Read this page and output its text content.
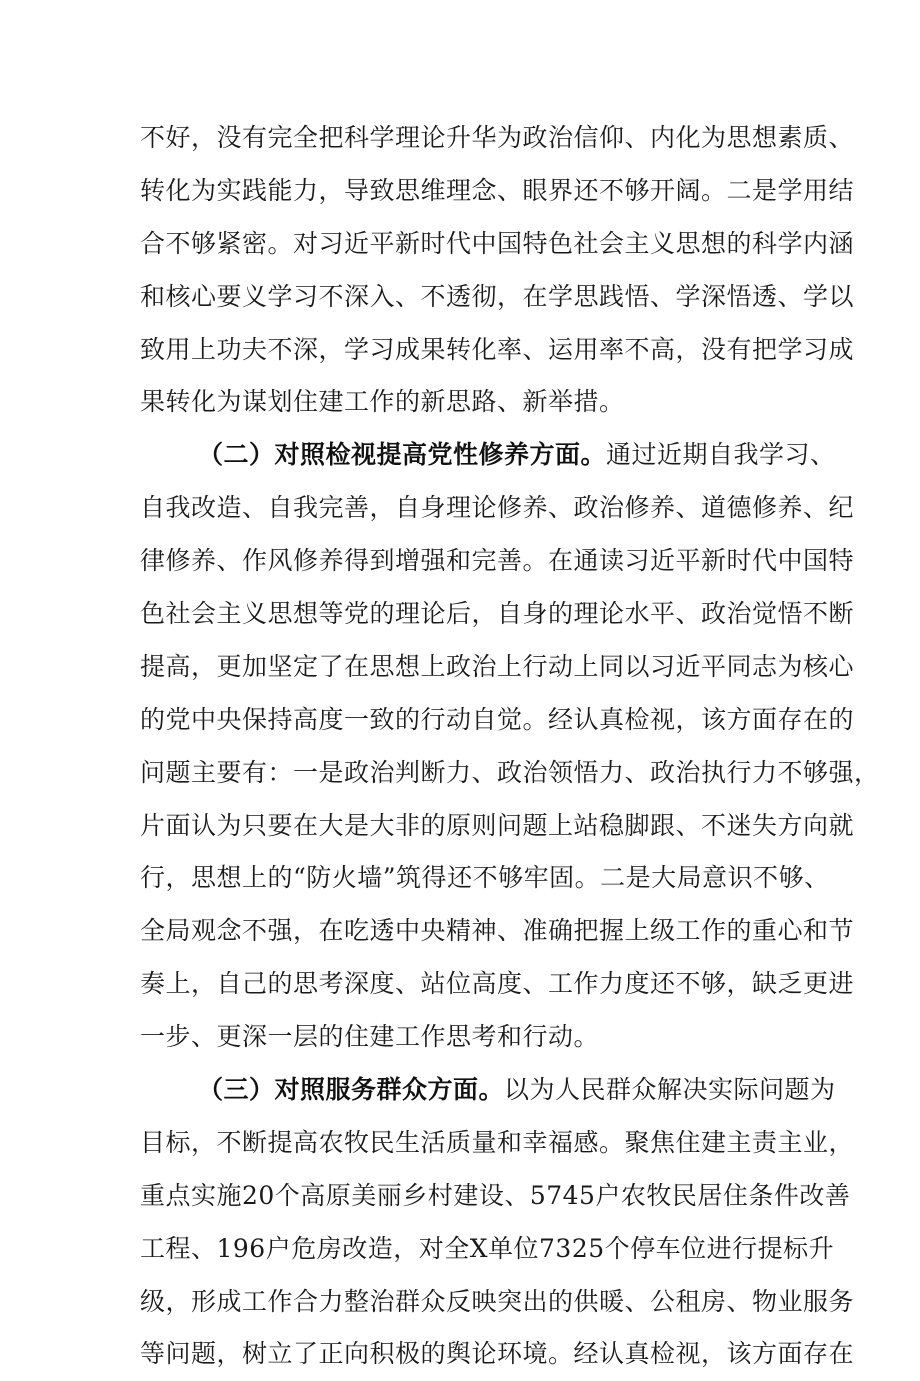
不好，没有完全把科学理论升华为政治信仰、内化为思想素质、
转化为实践能力，导致思维理念、眼界还不够开阔。二是学用结
合不够紧密。对习近平新时代中国特色社会主义思想的科学内涵
和核心要义学习不深入、不透彻，在学思践悟、学深悟透、学以
致用上功夫不深，学习成果转化率、运用率不高，没有把学习成
果转化为谋划住建工作的新思路、新举措。
（二）对照检视提高党性修养方面。通过近期自我学习、
自我改造、自我完善，自身理论修养、政治修养、道德修养、纪
律修养、作风修养得到增强和完善。在通读习近平新时代中国特
色社会主义思想等党的理论后，自身的理论水平、政治觉悟不断
提高，更加坚定了在思想上政治上行动上同以习近平同志为核心
的党中央保持高度一致的行动自觉。经认真检视，该方面存在的
问题主要有：一是政治判断力、政治领悟力、政治执行力不够强，
片面认为只要在大是大非的原则问题上站稳脚跟、不迷失方向就
行，思想上的“防火墙”筑得还不够牢固。二是大局意识不够、
全局观念不强，在吃透中央精神、准确把握上级工作的重心和节
奏上，自己的思考深度、站位高度、工作力度还不够，缺乏更进
一步、更深一层的住建工作思考和行动。
（三）对照服务群众方面。以为人民群众解决实际问题为
目标，不断提高农牧民生活质量和幸福感。聚焦住建主责主业，
重点实施20个高原美丽乡村建设、5745户农牧民居住条件改善
工程、196户危房改造，对全X单位7325个停车位进行提标升
级，形成工作合力整治群众反映突出的供暖、公租房、物业服务
等问题，树立了正向积极的舆论环境。经认真检视，该方面存在
